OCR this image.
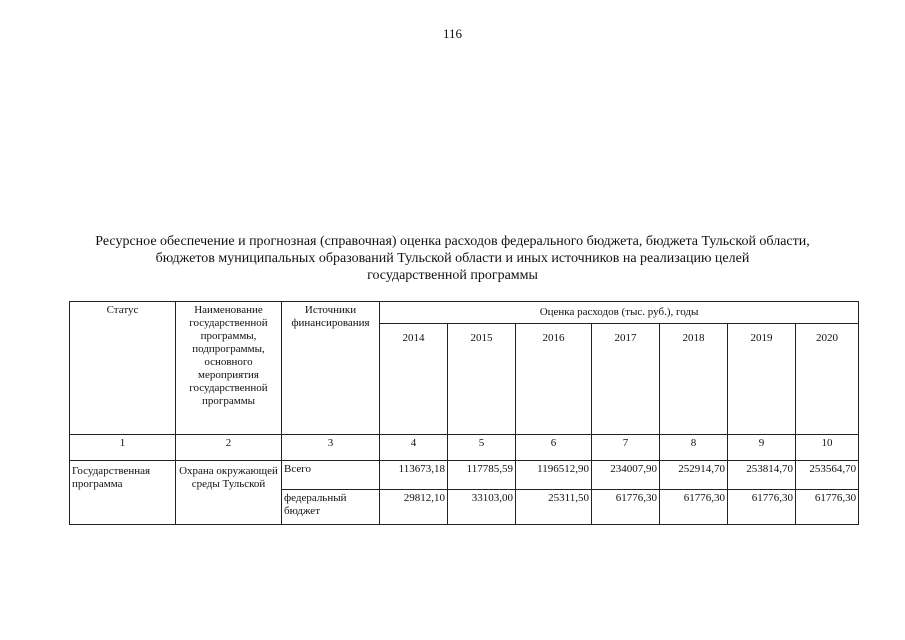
116
Ресурсное обеспечение и прогнозная (справочная) оценка расходов федерального бюджета, бюджета Тульской области,
бюджетов муниципальных образований Тульской области и иных источников на реализацию целей
государственной программы
Статус	Наименование государственной программы, подпрограммы, основного мероприятия государственной программы	Источники финансирования	Оценка расходов (тыс. руб.), годы						
			2014	2015	2016	2017	2018	2019	2020
1	2	3	4	5	6	7	8	9	10
Государственная программа	Охрана окружающей среды Тульской	Всего	113673,18	117785,59	1196512,90	234007,90	252914,70	253814,70	253564,70
		федеральный бюджет	29812,10	33103,00	25311,50	61776,30	61776,30	61776,30	61776,30
